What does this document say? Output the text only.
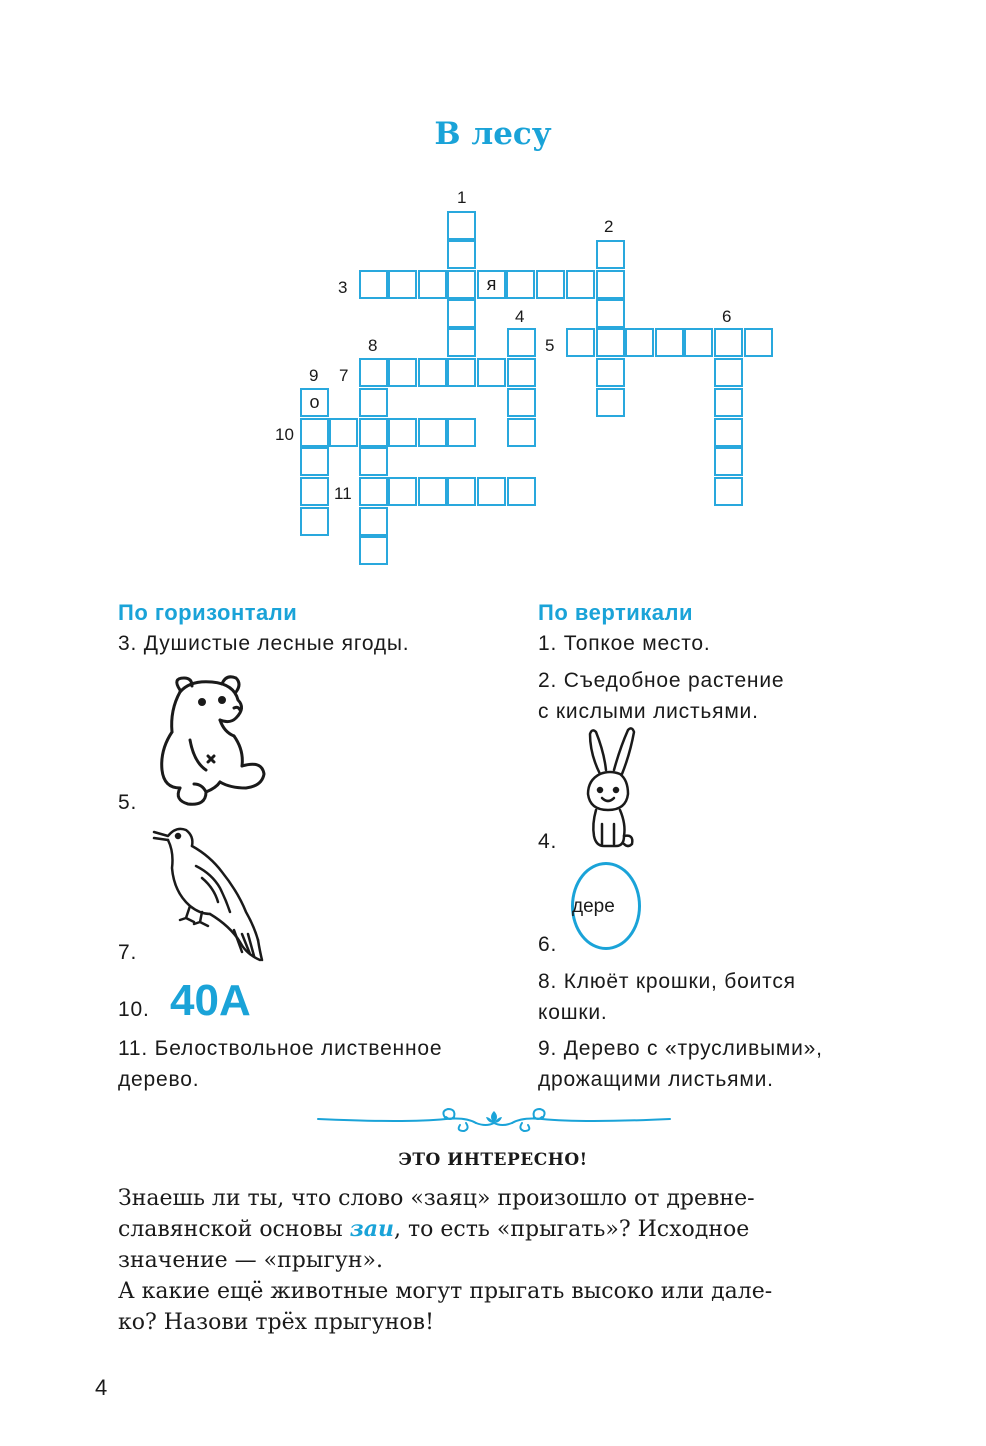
В лесу
я
о
1
2
3
4
5
6
7
8
9
10
11
По горизонтали
3. Душистые лесные ягоды.
5.
7.
10. 40А
11. Белоствольное лиственное
дерево.
По вертикали
1. Топкое место.
2. Съедобное растение
с кислыми листьями.
4.
дере
6.
8. Клюёт крошки, боится
кошки.
9. Дерево с «трусливыми»,
дрожащими листьями.
ЭТО ИНТЕРЕСНО!
Знаешь ли ты, что слово «заяц» произошло от древне-
славянской основы заи, то есть «прыгать»? Исходное
значение — «прыгун».
А какие ещё животные могут прыгать высоко или дале-
ко? Назови трёх прыгунов!
4
